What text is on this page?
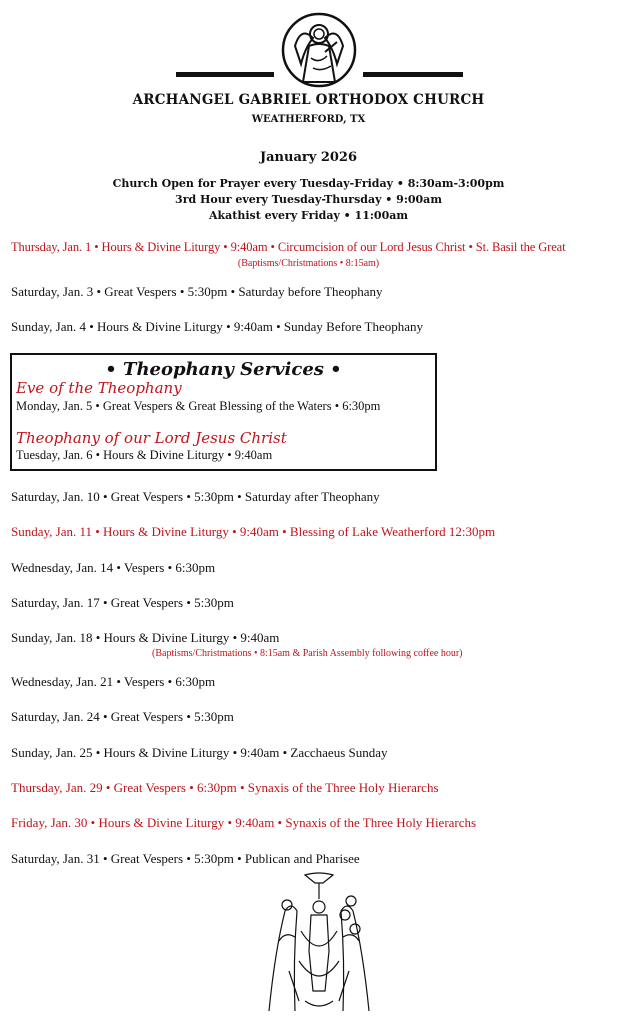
ARCHANGEL GABRIEL ORTHODOX CHURCH
WEATHERFORD, TX
January 2026
Church Open for Prayer every Tuesday-Friday • 8:30am-3:00pm
3rd Hour every Tuesday-Thursday • 9:00am
Akathist every Friday • 11:00am
Thursday, Jan. 1 • Hours & Divine Liturgy • 9:40am • Circumcision of our Lord Jesus Christ • St. Basil the Great
(Baptisms/Christmations • 8:15am)
Saturday, Jan. 3 • Great Vespers • 5:30pm • Saturday before Theophany
Sunday, Jan. 4 • Hours & Divine Liturgy • 9:40am • Sunday Before Theophany
• Theophany Services •
Eve of the Theophany
Monday, Jan. 5 • Great Vespers & Great Blessing of the Waters • 6:30pm
Theophany of our Lord Jesus Christ
Tuesday, Jan. 6 • Hours & Divine Liturgy • 9:40am
Saturday, Jan. 10 • Great Vespers • 5:30pm • Saturday after Theophany
Sunday, Jan. 11 • Hours & Divine Liturgy • 9:40am • Blessing of Lake Weatherford 12:30pm
Wednesday, Jan. 14 • Vespers • 6:30pm
Saturday, Jan. 17 • Great Vespers • 5:30pm
Sunday, Jan. 18 • Hours & Divine Liturgy • 9:40am
(Baptisms/Christmations • 8:15am & Parish Assembly following coffee hour)
Wednesday, Jan. 21 • Vespers • 6:30pm
Saturday, Jan. 24 • Great Vespers • 5:30pm
Sunday, Jan. 25 • Hours & Divine Liturgy • 9:40am • Zacchaeus Sunday
Thursday, Jan. 29 • Great Vespers • 6:30pm • Synaxis of the Three Holy Hierarchs
Friday, Jan. 30 • Hours & Divine Liturgy • 9:40am • Synaxis of the Three Holy Hierarchs
Saturday, Jan. 31 • Great Vespers • 5:30pm • Publican and Pharisee
